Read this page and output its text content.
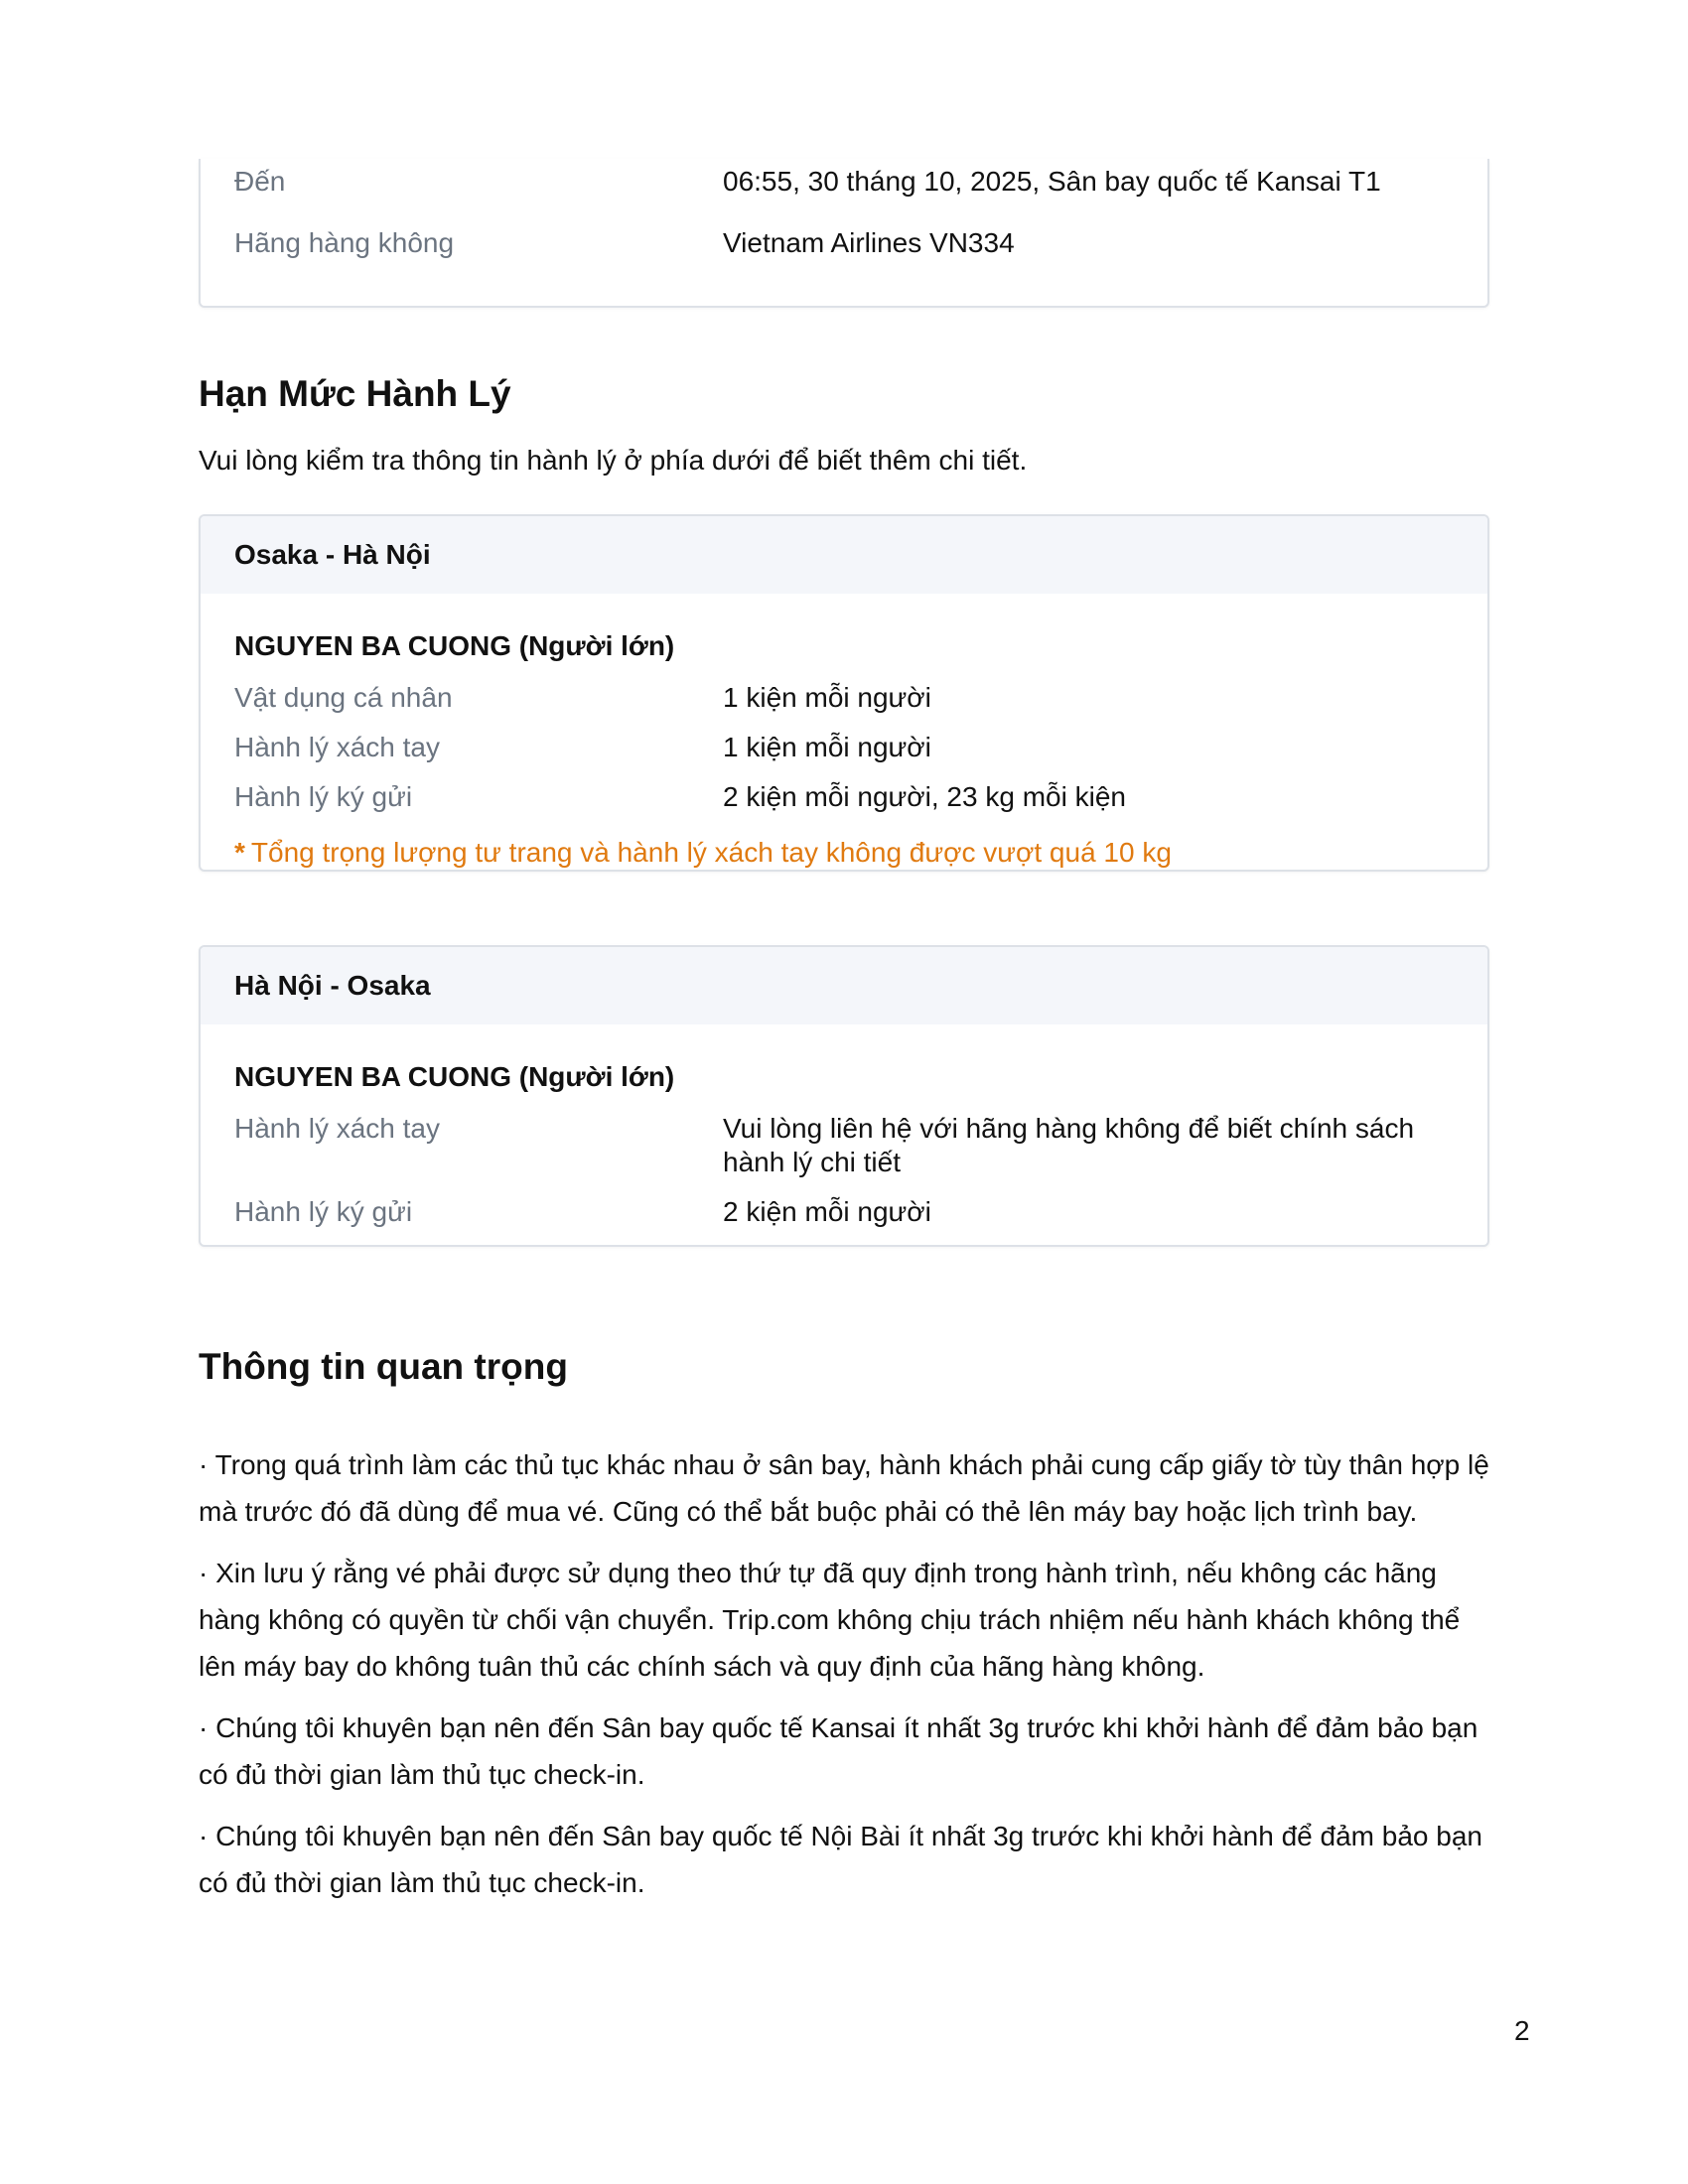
Đến	06:55, 30 tháng 10, 2025, Sân bay quốc tế Kansai T1
Hãng hàng không	Vietnam Airlines VN334
Hạn Mức Hành Lý
Vui lòng kiểm tra thông tin hành lý ở phía dưới để biết thêm chi tiết.
Osaka - Hà Nội
NGUYEN BA CUONG (Người lớn)
Vật dụng cá nhân	1 kiện mỗi người
Hành lý xách tay	1 kiện mỗi người
Hành lý ký gửi	2 kiện mỗi người, 23 kg mỗi kiện
* Tổng trọng lượng tư trang và hành lý xách tay không được vượt quá 10 kg
Hà Nội - Osaka
NGUYEN BA CUONG (Người lớn)
Hành lý xách tay	Vui lòng liên hệ với hãng hàng không để biết chính sách hành lý chi tiết
Hành lý ký gửi	2 kiện mỗi người
Thông tin quan trọng
· Trong quá trình làm các thủ tục khác nhau ở sân bay, hành khách phải cung cấp giấy tờ tùy thân hợp lệ mà trước đó đã dùng để mua vé. Cũng có thể bắt buộc phải có thẻ lên máy bay hoặc lịch trình bay.
· Xin lưu ý rằng vé phải được sử dụng theo thứ tự đã quy định trong hành trình, nếu không các hãng hàng không có quyền từ chối vận chuyển. Trip.com không chịu trách nhiệm nếu hành khách không thể lên máy bay do không tuân thủ các chính sách và quy định của hãng hàng không.
· Chúng tôi khuyên bạn nên đến Sân bay quốc tế Kansai ít nhất 3g trước khi khởi hành để đảm bảo bạn có đủ thời gian làm thủ tục check-in.
· Chúng tôi khuyên bạn nên đến Sân bay quốc tế Nội Bài ít nhất 3g trước khi khởi hành để đảm bảo bạn có đủ thời gian làm thủ tục check-in.
2
